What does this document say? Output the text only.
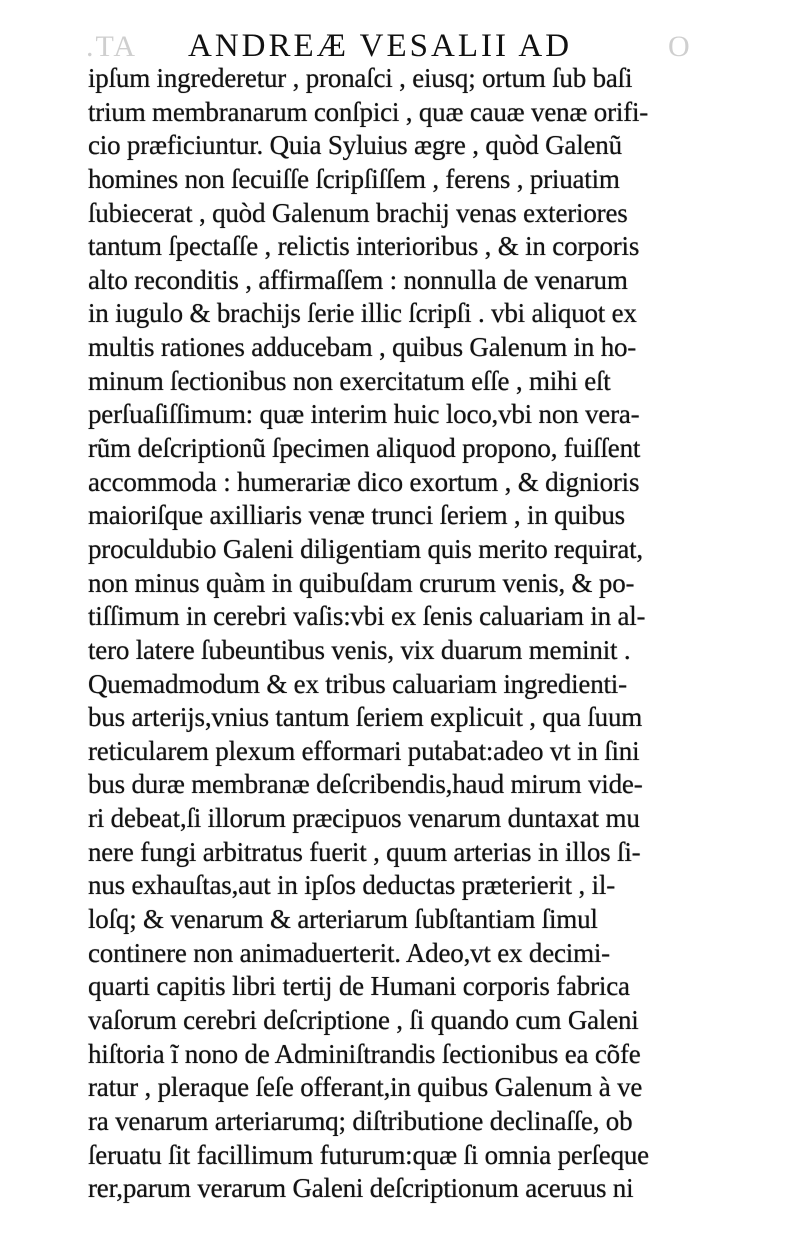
.TA	O
ANDREÆ VESALII AD
ipſum ingrederetur , pronaſci , eiusq; ortum ſub baſi
trium membranarum conſpici , quæ cauæ venæ orifi-
cio præficiuntur. Quia Syluius ægre , quòd Galenũ
homines non ſecuiſſe ſcripſiſſem , ferens , priuatim
ſubiecerat , quòd Galenum brachij venas exteriores
tantum ſpectaſſe , relictis interioribus , & in corporis
alto reconditis , affirmaſſem : nonnulla de venarum
in iugulo & brachijs ſerie illic ſcripſi . vbi aliquot ex
multis rationes adducebam , quibus Galenum in ho-
minum ſectionibus non exercitatum eſſe , mihi eſt
perſuaſiſſimum: quæ interim huic loco,vbi non vera-
rũm deſcriptionũ ſpecimen aliquod propono, fuiſſent
accommoda : humerariæ dico exortum , & dignioris
maioriſque axilliaris venæ trunci ſeriem , in quibus
proculdubio Galeni diligentiam quis merito requirat,
non minus quàm in quibuſdam crurum venis, & po-
tiſſimum in cerebri vaſis:vbi ex ſenis caluariam in al-
tero latere ſubeuntibus venis, vix duarum meminit .
Quemadmodum & ex tribus caluariam ingredienti-
bus arterijs,vnius tantum ſeriem explicuit , qua ſuum
reticularem plexum efformari putabat:adeo vt in ſini
bus duræ membranæ deſcribendis,haud mirum vide-
ri debeat,ſi illorum præcipuos venarum duntaxat mu
nere fungi arbitratus fuerit , quum arterias in illos ſi-
nus exhauſtas,aut in ipſos deductas præterierit , il-
loſq; & venarum & arteriarum ſubſtantiam ſimul
continere non animaduerterit. Adeo,vt ex decimi-
quarti capitis libri tertij de Humani corporis fabrica
vaſorum cerebri deſcriptione , ſi quando cum Galeni
hiſtoria ĩ nono de Adminiſtrandis ſectionibus ea cõfe
ratur , pleraque ſeſe offerant,in quibus Galenum à ve
ra venarum arteriarumq; diſtributione declinaſſe, ob
ſeruatu ſit facillimum futurum:quæ ſi omnia perſeque
rer,parum verarum Galeni deſcriptionum aceruus ni
